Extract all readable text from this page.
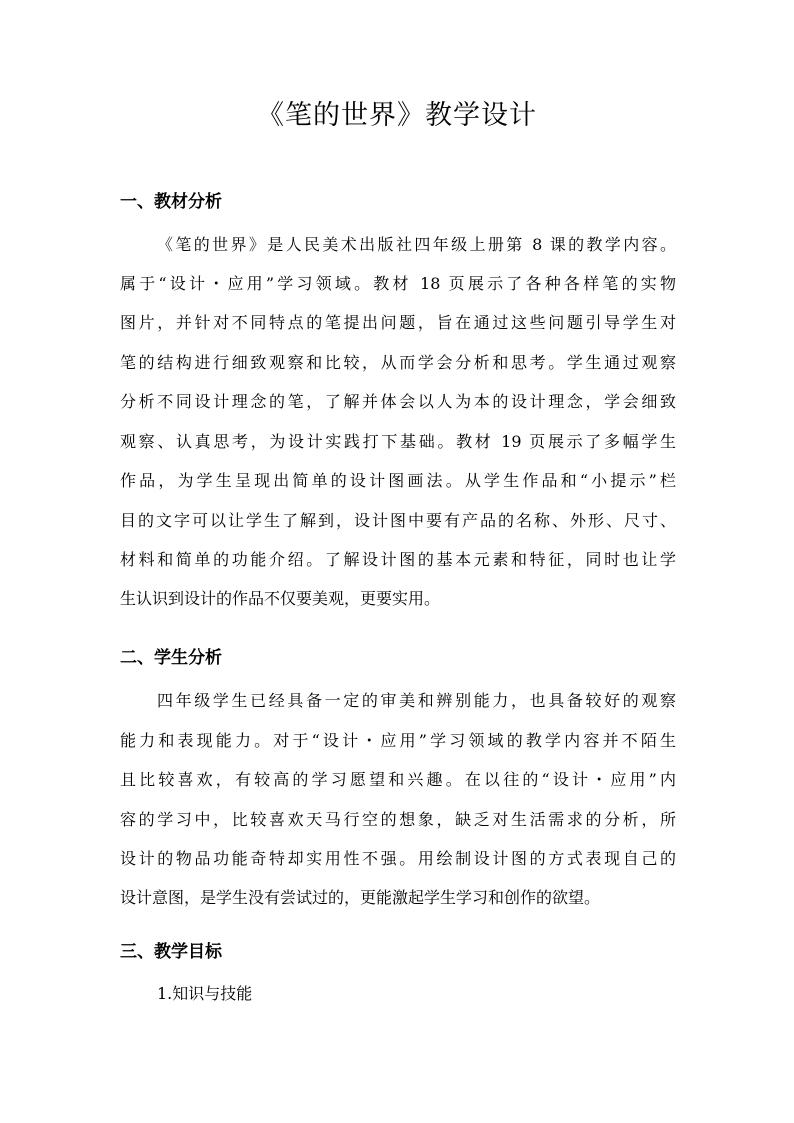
《笔的世界》教学设计
一、教材分析
《笔的世界》是人民美术出版社四年级上册第 8 课的教学内容。
属于“设计・应用”学习领域。教材 18 页展示了各种各样笔的实物
图片，并针对不同特点的笔提出问题，旨在通过这些问题引导学生对
笔的结构进行细致观察和比较，从而学会分析和思考。学生通过观察
分析不同设计理念的笔，了解并体会以人为本的设计理念，学会细致
观察、认真思考，为设计实践打下基础。教材 19 页展示了多幅学生
作品，为学生呈现出简单的设计图画法。从学生作品和“小提示”栏
目的文字可以让学生了解到，设计图中要有产品的名称、外形、尺寸、
材料和简单的功能介绍。了解设计图的基本元素和特征，同时也让学
生认识到设计的作品不仅要美观，更要实用。
二、学生分析
四年级学生已经具备一定的审美和辨别能力，也具备较好的观察
能力和表现能力。对于“设计・应用”学习领域的教学内容并不陌生
且比较喜欢，有较高的学习愿望和兴趣。在以往的“设计・应用”内
容的学习中，比较喜欢天马行空的想象，缺乏对生活需求的分析，所
设计的物品功能奇特却实用性不强。用绘制设计图的方式表现自己的
设计意图，是学生没有尝试过的，更能激起学生学习和创作的欲望。
三、教学目标
1.知识与技能
